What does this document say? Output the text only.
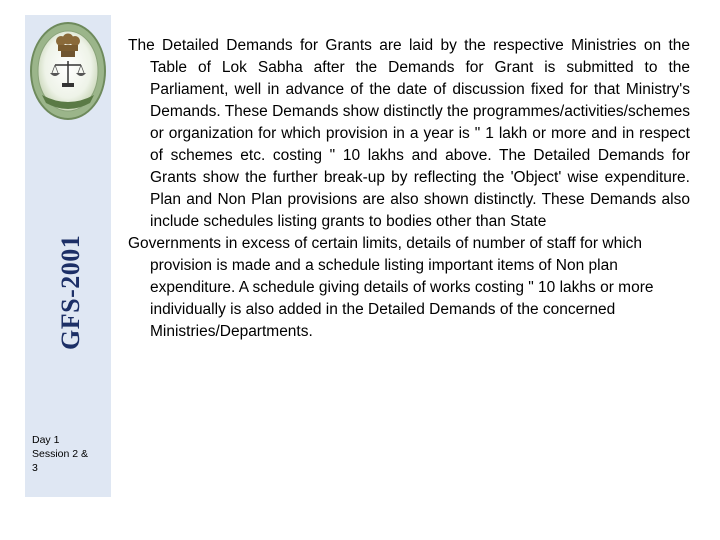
GFS-2001
Day 1
Session 2 &
3

The Detailed Demands for Grants are laid by the respective Ministries on the Table of Lok Sabha after the Demands for Grant is submitted to the Parliament, well in advance of the date of discussion fixed for that Ministry's Demands. These Demands show distinctly the programmes/activities/schemes or organization for which provision in a year is " 1 lakh or more and in respect of schemes etc. costing " 10 lakhs and above. The Detailed Demands for Grants show the further break-up by reflecting the 'Object' wise expenditure. Plan and Non Plan provisions are also shown distinctly. These Demands also include schedules listing grants to bodies other than State

Governments in excess of certain limits, details of number of staff for which provision is made and a schedule listing important items of Non plan expenditure. A schedule giving details of works costing " 10 lakhs or more individually is also added in the Detailed Demands of the concerned Ministries/Departments.
